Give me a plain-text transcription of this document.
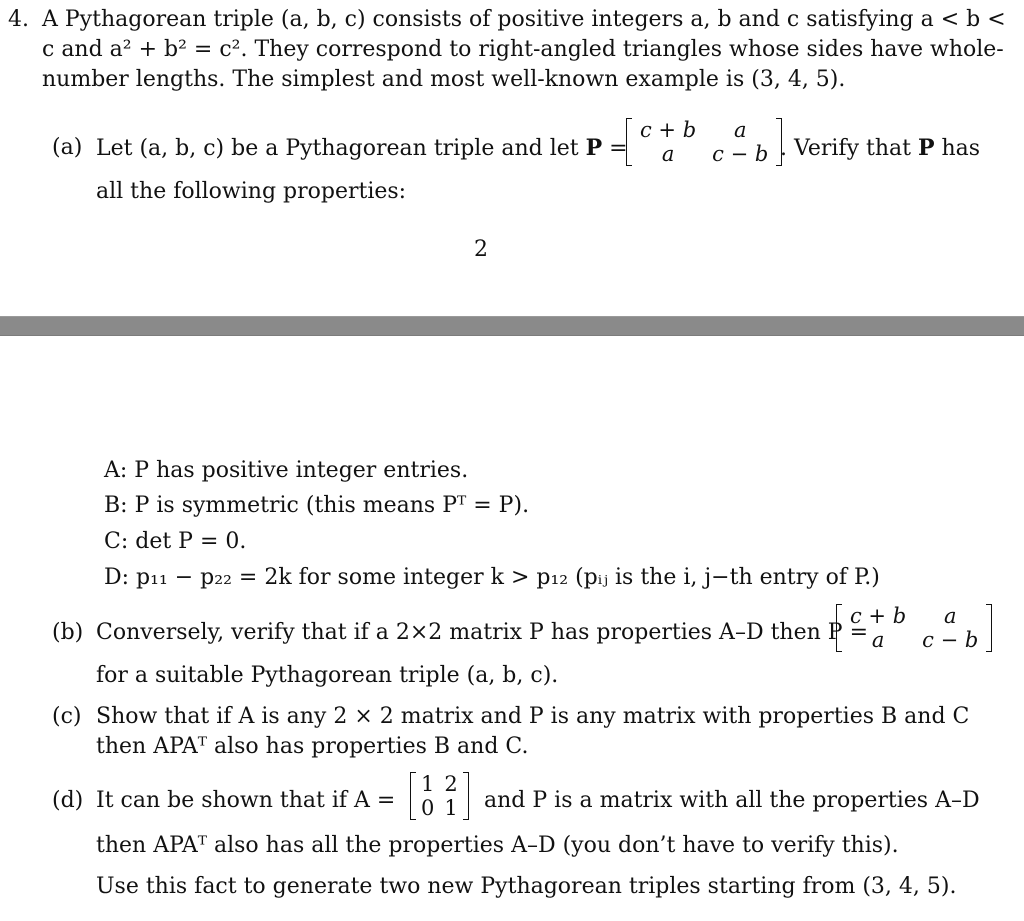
4. A Pythagorean triple (a, b, c) consists of positive integers a, b and c satisfying a < b <
c and a² + b² = c². They correspond to right-angled triangles whose sides have whole-
number lengths. The simplest and most well-known example is (3, 4, 5).
(a) Let (a, b, c) be a Pythagorean triple and let P =
c + b	a
a	c − b . Verify that P has
all the following properties:
2
A: P has positive integer entries.
B: P is symmetric (this means Pᵀ = P).
C: det P = 0.
D: p₁₁ − p₂₂ = 2k for some integer k > p₁₂ (pᵢⱼ is the i, j−th entry of P.)
(b) Conversely, verify that if a 2×2 matrix P has properties A–D then P =
c + b	a
a	c − b
for a suitable Pythagorean triple (a, b, c).
(c) Show that if A is any 2 × 2 matrix and P is any matrix with properties B and C
then APAᵀ also has properties B and C.
(d) It can be shown that if A =
1	2
0	1 and P is a matrix with all the properties A–D
then APAᵀ also has all the properties A–D (you don’t have to verify this).
Use this fact to generate two new Pythagorean triples starting from (3, 4, 5).
